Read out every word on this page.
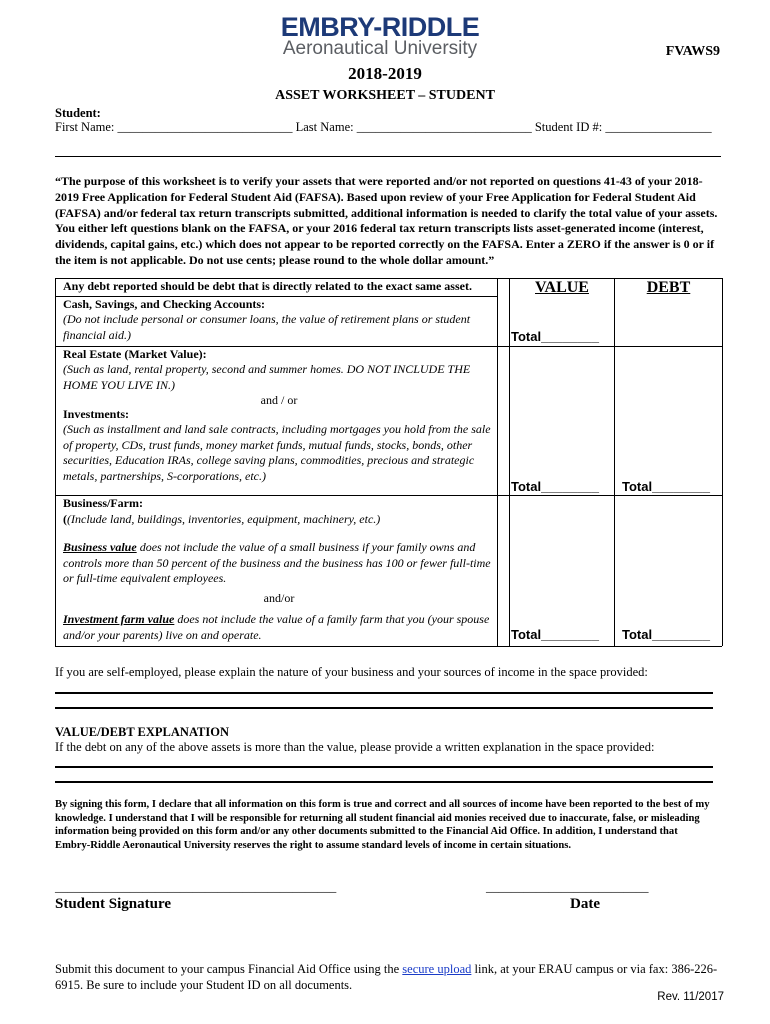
EMBRY-RIDDLE
Aeronautical University	FVAWS9
2018-2019
ASSET WORKSHEET – STUDENT
Student:
First Name: ____________________________ Last Name: ____________________________ Student ID #: _________________
“The purpose of this worksheet is to verify your assets that were reported and/or not reported on questions 41-43 of your 2018-2019 Free Application for Federal Student Aid (FAFSA). Based upon review of your Free Application for Federal Student Aid (FAFSA) and/or federal tax return transcripts submitted, additional information is needed to clarify the total value of your assets. You either left questions blank on the FAFSA, or your 2016 federal tax return transcripts lists asset-generated income (interest, dividends, capital gains, etc.) which does not appear to be reported correctly on the FAFSA. Enter a ZERO if the answer is 0 or if the item is not applicable. Do not use cents; please round to the whole dollar amount.”
Any debt reported should be debt that is directly related to the exact same asset.	VALUE	DEBT
Cash, Savings, and Checking Accounts:
(Do not include personal or consumer loans, the value of retirement plans or student financial aid.)	Total________
Real Estate (Market Value):
(Such as land, rental property, second and summer homes. DO NOT INCLUDE THE HOME YOU LIVE IN.)
and / or
Investments:
(Such as installment and land sale contracts, including mortgages you hold from the sale of property, CDs, trust funds, money market funds, mutual funds, stocks, bonds, other securities, Education IRAs, college saving plans, commodities, precious and strategic metals, partnerships, S-corporations, etc.)
Total________ Total________
Business/Farm:
((Include land, buildings, inventories, equipment, machinery, etc.)
Business value does not include the value of a small business if your family owns and controls more than 50 percent of the business and the business has 100 or fewer full-time or full-time equivalent employees.
and/or
Investment farm value does not include the value of a family farm that you (your spouse and/or your parents) live on and operate.	Total________ Total________
If you are self-employed, please explain the nature of your business and your sources of income in the space provided:
VALUE/DEBT EXPLANATION
If the debt on any of the above assets is more than the value, please provide a written explanation in the space provided:
By signing this form, I declare that all information on this form is true and correct and all sources of income have been reported to the best of my knowledge. I understand that I will be responsible for returning all student financial aid monies received due to inaccurate, false, or misleading information being provided on this form and/or any other documents submitted to the Financial Aid Office. In addition, I understand that Embry-Riddle Aeronautical University reserves the right to assume standard levels of income in certain situations.
_____________________________________________	__________________________
Student Signature	Date
Submit this document to your campus Financial Aid Office using the secure upload link, at your ERAU campus or via fax: 386-226-6915. Be sure to include your Student ID on all documents.
Rev. 11/2017
